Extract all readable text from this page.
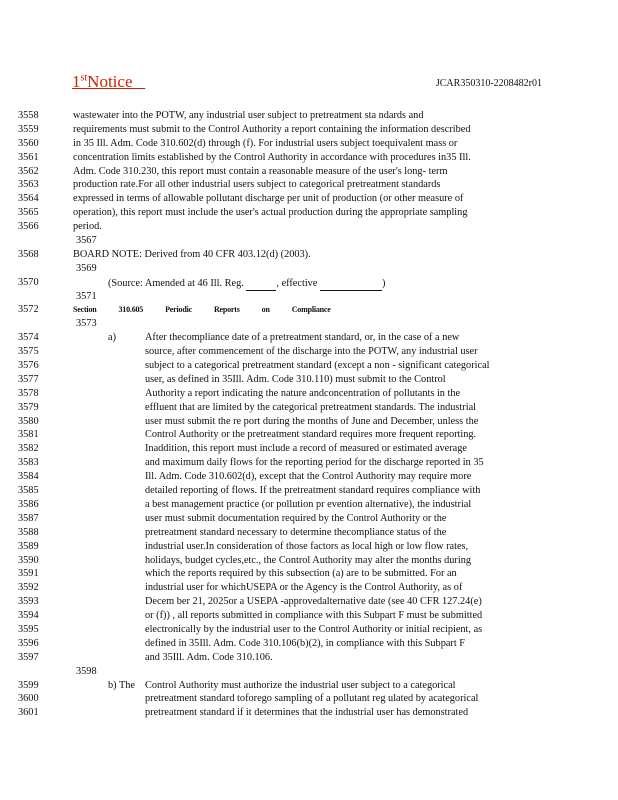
1stNotice	JCAR350310-2208482r01
3558	wastewater into the POTW, any industrial user subject to pretreatment sta ndards and
3559	requirements must submit to the Control Authority a report containing the information described
3560	in 35 Ill. Adm. Code 310.602(d) through (f). For industrial users subject toequivalent mass or
3561	concentration limits established by the Control Authority in accordance with procedures in35 Ill.
3562	Adm. Code 310.230, this report must contain a reasonable measure of the user's long- term
3563	production rate.For all other industrial users subject to categorical pretreatment standards
3564	expressed in terms of allowable pollutant discharge per unit of production (or other measure of
3565	operation), this report must include the user's actual production during the appropriate sampling
3566	period.
3567
3568	BOARD NOTE: Derived from 40 CFR 403.12(d) (2003).
3569
3570	(Source: Amended at 46 Ill. Reg.	, effective	)
3571
3572	Section	310.605	Periodic	Reports	on	Compliance
3573
3574	a)	After thecompliance date of a pretreatment standard, or, in the case of a new
3575	source, after commencement of the discharge into the POTW, any industrial user
3576	subject to a categorical pretreatment standard (except a non - significant categorical
3577	user, as defined in 35Ill. Adm. Code 310.110) must submit to the Control
3578	Authority a report indicating the nature andconcentration of pollutants in the
3579	effluent that are limited by the categorical pretreatment standards. The industrial
3580	user must submit the re port during the months of June and December, unless the
3581	Control Authority or the pretreatment standard requires more frequent reporting.
3582	Inaddition, this report must include a record of measured or estimated average
3583	and maximum daily flows for the reporting period for the discharge reported in 35
3584	Ill. Adm. Code 310.602(d), except that the Control Authority may require more
3585	detailed reporting of flows. If the pretreatment standard requires compliance with
3586	a best management practice (or pollution pr evention alternative), the industrial
3587	user must submit documentation required by the Control Authority or the
3588	pretreatment standard necessary to determine thecompliance status of the
3589	industrial user.In consideration of those factors as local high or low flow rates,
3590	holidays, budget cycles,etc., the Control Authority may alter the months during
3591	which the reports required by this subsection (a) are to be submitted. For an
3592	industrial user for whichUSEPA or the Agency is the Control Authority, as of
3593	Decem ber 21, 2025or a USEPA -approvedalternative date (see 40 CFR 127.24(e)
3594	or (f)) , all reports submitted in compliance with this Subpart F must be submitted
3595	electronically by the industrial user to the Control Authority or initial recipient, as
3596	defined in 35Ill. Adm. Code 310.106(b)(2), in compliance with this Subpart F
3597	and 35Ill. Adm. Code 310.106.
3598
3599	b) The Control Authority must authorize the industrial user subject to a categorical
3600	pretreatment standard toforego sampling of a pollutant reg ulated by acategorical
3601	pretreatment standard if it determines that the industrial user has demonstrated
